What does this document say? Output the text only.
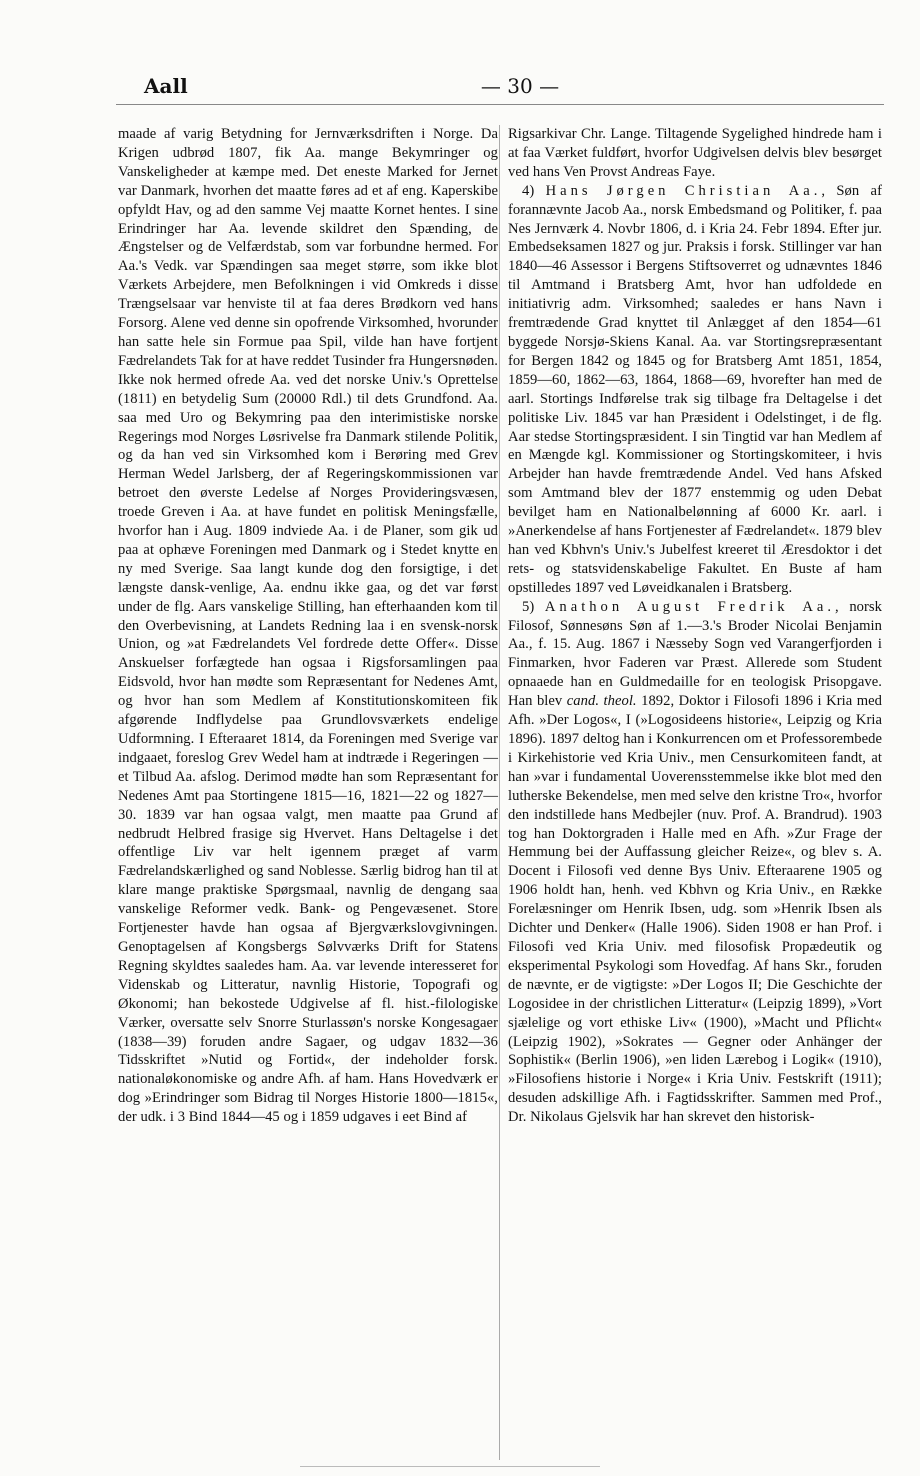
Aall	— 30 —

maade af varig Betydning for Jernværksdriften i Norge. Da Krigen udbrød 1807, fik Aa. mange Bekymringer og Vanskeligheder at kæmpe med. Det eneste Marked for Jernet var Danmark, hvorhen det maatte føres ad et af eng. Kaperskibe opfyldt Hav, og ad den samme Vej maatte Kornet hentes. I sine Erindringer har Aa. levende skildret den Spænding, de Ængstelser og de Velfærdstab, som var forbundne hermed. For Aa.'s Vedk. var Spændingen saa meget større, som ikke blot Værkets Arbejdere, men Befolkningen i vid Omkreds i disse Trængselsaar var henviste til at faa deres Brødkorn ved hans Forsorg. Alene ved denne sin opofrende Virksomhed, hvorunder han satte hele sin Formue paa Spil, vilde han have fortjent Fædrelandets Tak for at have reddet Tusinder fra Hungersnøden. Ikke nok hermed ofrede Aa. ved det norske Univ.'s Oprettelse (1811) en betydelig Sum (20000 Rdl.) til dets Grundfond. Aa. saa med Uro og Bekymring paa den interimistiske norske Regerings mod Norges Løsrivelse fra Danmark stilende Politik, og da han ved sin Virksomhed kom i Berøring med Grev Herman Wedel Jarlsberg, der af Regeringskommissionen var betroet den øverste Ledelse af Norges Provideringsvæsen, troede Greven i Aa. at have fundet en politisk Meningsfælle, hvorfor han i Aug. 1809 indviede Aa. i de Planer, som gik ud paa at ophæve Foreningen med Danmark og i Stedet knytte en ny med Sverige. Saa langt kunde dog den forsigtige, i det længste dansk-venlige, Aa. endnu ikke gaa, og det var først under de flg. Aars vanskelige Stilling, han efterhaanden kom til den Overbevisning, at Landets Redning laa i en svensk-norsk Union, og »at Fædrelandets Vel fordrede dette Offer«. Disse Anskuelser forfægtede han ogsaa i Rigsforsamlingen paa Eidsvold, hvor han mødte som Repræsentant for Nedenes Amt, og hvor han som Medlem af Konstitutionskomiteen fik afgørende Indflydelse paa Grundlovsværkets endelige Udformning. I Efteraaret 1814, da Foreningen med Sverige var indgaaet, foreslog Grev Wedel ham at indtræde i Regeringen — et Tilbud Aa. afslog. Derimod mødte han som Repræsentant for Nedenes Amt paa Stortingene 1815—16, 1821—22 og 1827—30. 1839 var han ogsaa valgt, men maatte paa Grund af nedbrudt Helbred frasige sig Hvervet. Hans Deltagelse i det offentlige Liv var helt igennem præget af varm Fædrelandskærlighed og sand Noblesse. Særlig bidrog han til at klare mange praktiske Spørgsmaal, navnlig de dengang saa vanskelige Reformer vedk. Bank- og Pengevæsenet. Store Fortjenester havde han ogsaa af Bjergværkslovgivningen. Genoptagelsen af Kongsbergs Sølvværks Drift for Statens Regning skyldtes saaledes ham. Aa. var levende interesseret for Videnskab og Litteratur, navnlig Historie, Topografi og Økonomi; han bekostede Udgivelse af fl. hist.-filologiske Værker, oversatte selv Snorre Sturlassøn's norske Kongesagaer (1838—39) foruden andre Sagaer, og udgav 1832—36 Tidsskriftet »Nutid og Fortid«, der indeholder forsk. nationaløkonomiske og andre Afh. af ham. Hans Hovedværk er dog »Erindringer som Bidrag til Norges Historie 1800—1815«, der udk. i 3 Bind 1844—45 og i 1859 udgaves i eet Bind af

Rigsarkivar Chr. Lange. Tiltagende Sygelighed hindrede ham i at faa Værket fuldført, hvorfor Udgivelsen delvis blev besørget ved hans Ven Provst Andreas Faye.

4) Hans Jørgen Christian Aa., Søn af forannævnte Jacob Aa., norsk Embedsmand og Politiker, f. paa Nes Jernværk 4. Novbr 1806, d. i Kria 24. Febr 1894. Efter jur. Embedseksamen 1827 og jur. Praksis i forsk. Stillinger var han 1840—46 Assessor i Bergens Stiftsoverret og udnævntes 1846 til Amtmand i Bratsberg Amt, hvor han udfoldede en initiativrig adm. Virksomhed; saaledes er hans Navn i fremtrædende Grad knyttet til Anlægget af den 1854—61 byggede Norsjø-Skiens Kanal. Aa. var Stortingsrepræsentant for Bergen 1842 og 1845 og for Bratsberg Amt 1851, 1854, 1859—60, 1862—63, 1864, 1868—69, hvorefter han med de aarl. Stortings Indførelse trak sig tilbage fra Deltagelse i det politiske Liv. 1845 var han Præsident i Odelstinget, i de flg. Aar stedse Stortingspræsident. I sin Tingtid var han Medlem af en Mængde kgl. Kommissioner og Stortingskomiteer, i hvis Arbejder han havde fremtrædende Andel. Ved hans Afsked som Amtmand blev der 1877 enstemmig og uden Debat bevilget ham en Nationalbelønning af 6000 Kr. aarl. i »Anerkendelse af hans Fortjenester af Fædrelandet«. 1879 blev han ved Kbhvn's Univ.'s Jubelfest kreeret til Æresdoktor i det rets- og statsvidenskabelige Fakultet. En Buste af ham opstilledes 1897 ved Løveidkanalen i Bratsberg.

5) Anathon August Fredrik Aa., norsk Filosof, Sønnesøns Søn af 1.—3.'s Broder Nicolai Benjamin Aa., f. 15. Aug. 1867 i Næsseby Sogn ved Varangerfjorden i Finmarken, hvor Faderen var Præst. Allerede som Student opnaaede han en Guldmedaille for en teologisk Prisopgave. Han blev cand. theol. 1892, Doktor i Filosofi 1896 i Kria med Afh. »Der Logos«, I (»Logosideens historie«, Leipzig og Kria 1896). 1897 deltog han i Konkurrencen om et Professorembede i Kirkehistorie ved Kria Univ., men Censurkomiteen fandt, at han »var i fundamental Uoverensstemmelse ikke blot med den lutherske Bekendelse, men med selve den kristne Tro«, hvorfor den indstillede hans Medbejler (nuv. Prof. A. Brandrud). 1903 tog han Doktorgraden i Halle med en Afh. »Zur Frage der Hemmung bei der Auffassung gleicher Reize«, og blev s. A. Docent i Filosofi ved denne Bys Univ. Efteraarene 1905 og 1906 holdt han, henh. ved Kbhvn og Kria Univ., en Række Forelæsninger om Henrik Ibsen, udg. som »Henrik Ibsen als Dichter und Denker« (Halle 1906). Siden 1908 er han Prof. i Filosofi ved Kria Univ. med filosofisk Propædeutik og eksperimental Psykologi som Hovedfag. Af hans Skr., foruden de nævnte, er de vigtigste: »Der Logos II; Die Geschichte der Logosidee in der christlichen Litteratur« (Leipzig 1899), »Vort sjælelige og vort ethiske Liv« (1900), »Macht und Pflicht« (Leipzig 1902), »Sokrates — Gegner oder Anhänger der Sophistik« (Berlin 1906), »en liden Lærebog i Logik« (1910), »Filosofiens historie i Norge« i Kria Univ. Festskrift (1911); desuden adskillige Afh. i Fagtidsskrifter. Sammen med Prof., Dr. Nikolaus Gjelsvik har han skrevet den historisk-
